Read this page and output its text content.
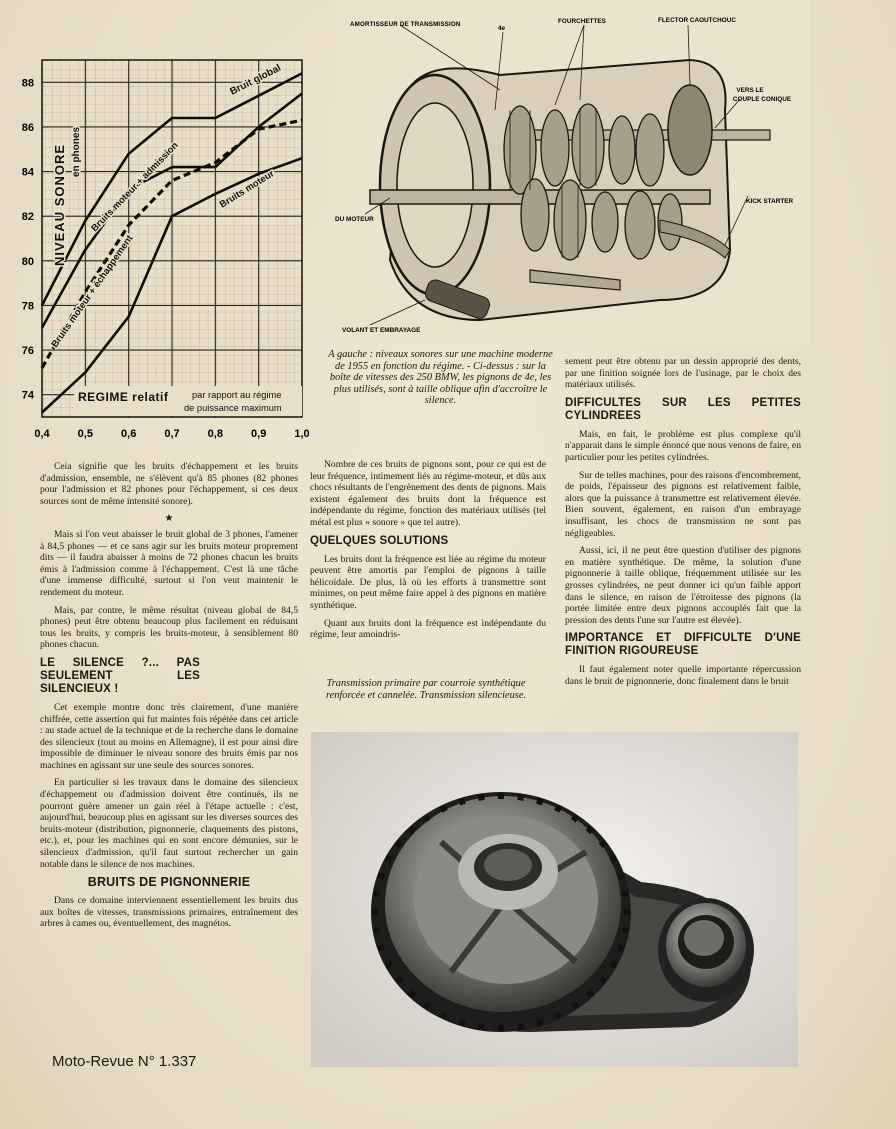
74
76
78
80
82
84
86
88
0,4	0,5	0,6	0,7	0,8	0,9	1,0
NIVEAU SONORE en phones
REGIME relatif	par rapport au régime
de puissance maximum
Bruit global
Bruits moteur + admission
Bruits moteur + échappement
Bruits moteur
AMORTISSEUR DE TRANSMISSION
4e
FOURCHETTES	FLECTOR CAOUTCHOUC
VERS LE
COUPLE CONIQUE
KICK STARTER
DU MOTEUR
VOLANT ET EMBRAYAGE
A gauche : niveaux sonores sur une machine moderne de 1955 en fonction du régime. - Ci-dessus : sur la boîte de vitesses des 250 BMW, les pignons de 4e, les plus utilisés, sont à taille oblique afin d'accroître le silence.

Ceia signifie que les bruits d'échappement et les bruits d'admission, ensemble, ne s'élèvent qu'à 85 phones (82 phones pour l'admission et 82 phones pour l'échappement, si ces deux sources sont de même intensité sonore).

★

Mais si l'on veut abaisser le bruit global de 3 phones, l'amener à 84,5 phones — et ce sans agir sur les bruits moteur proprement dits — il faudra abaisser à moins de 72 phones chacun les bruits émis à l'admission comme à l'échappement. C'est là une tâche d'une immense difficulté, surtout si l'on veut maintenir le rendement du moteur.

Mais, par contre, le même résultat (niveau global de 84,5 phones) peut être obtenu beaucoup plus facilement en réduisant tous les bruits, y compris les bruits-moteur, à sensiblement 80 phones chacun.

LE SILENCE ?... PAS SEULEMENT LES SILENCIEUX !

Cet exemple montre donc très clairement, d'une manière chiffrée, cette assertion qui fut maintes fois répétée dans cet article : au stade actuel de la technique et de la recherche dans le domaine des silencieux (tout au moins en Allemagne), il est pour ainsi dire impossible de diminuer le niveau sonore des bruits émis par nos machines en agissant sur une seule des sources sonores.

En particulier si les travaux dans le domaine des silencieux d'échappement ou d'admission doivent être continués, ils ne pourront guère amener un gain réel à l'étape actuelle : c'est, aujourd'hui, beaucoup plus en agissant sur les diverses sources des bruits-moteur (distribution, pignonnerie, claquements des pistons, etc.), et, pour les machines qui en sont encore démunies, sur le silencieux d'admission, qu'il faut surtout rechercher un gain notable dans le silence de nos machines.

BRUITS DE PIGNONNERIE

Dans ce domaine interviennent essentiellement les bruits dus aux boîtes de vitesses, transmissions primaires, entraînement des arbres à cames ou, éventuellement, des magnétos.

Nombre de ces bruits de pignons sont, pour ce qui est de leur fréquence, intimement liés au régime-moteur, et dûs aux chocs résultants de l'engrènement des dents de pignons. Mais existent également des bruits dont la fréquence est indépendante du régime, fonction des matériaux utilisés (tel métal est plus « sonore » que tel autre).

QUELQUES SOLUTIONS

Les bruits dont la fréquence est liée au régime du moteur peuvent être amortis par l'emploi de pignons à taille hélicoïdale. De plus, là où les efforts à transmettre sont minimes, on peut même faire appel à des pignons en matière synthétique.

Quant aux bruits dont la fréquence est indépendante du régime, leur amoindris-

Transmission primaire par courroie synthétique renforcée et cannelée. Transmission silencieuse.

sement peut être obtenu par un dessin approprié des dents, par une finition soignée lors de l'usinage, par le choix des matériaux utilisés.

DIFFICULTES SUR LES PETITES CYLINDREES

Mais, en fait, le problème est plus complexe qu'il n'apparait dans le simple énoncé que nous venons de faire, en particulier pour les petites cylindrées.

Sur de telles machines, pour des raisons d'encombrement, de poids, l'épaisseur des pignons est relativement faible, alors que la puissance à transmettre est relativement élevée. Bien souvent, également, en raison d'un embrayage insuffisant, les chocs de transmission ne sont pas négligeables.

Aussi, ici, il ne peut être question d'utiliser des pignons en matière synthétique. De même, la solution d'une pignonnerie à taille oblique, fréquemment utilisée sur les grosses cylindrées, ne peut donner ici qu'un faible apport dans le silence, en raison de l'étroitesse des pignons (la portée limitée entre deux pignons accouplés fait que la pression des dents l'une sur l'autre est élevée).

IMPORTANCE ET DIFFICULTE D'UNE FINITION RIGOUREUSE

Il faut également noter quelle importante répercussion dans le bruit de pignonnerie, donc finalement dans le bruit

Moto-Revue N° 1.337
